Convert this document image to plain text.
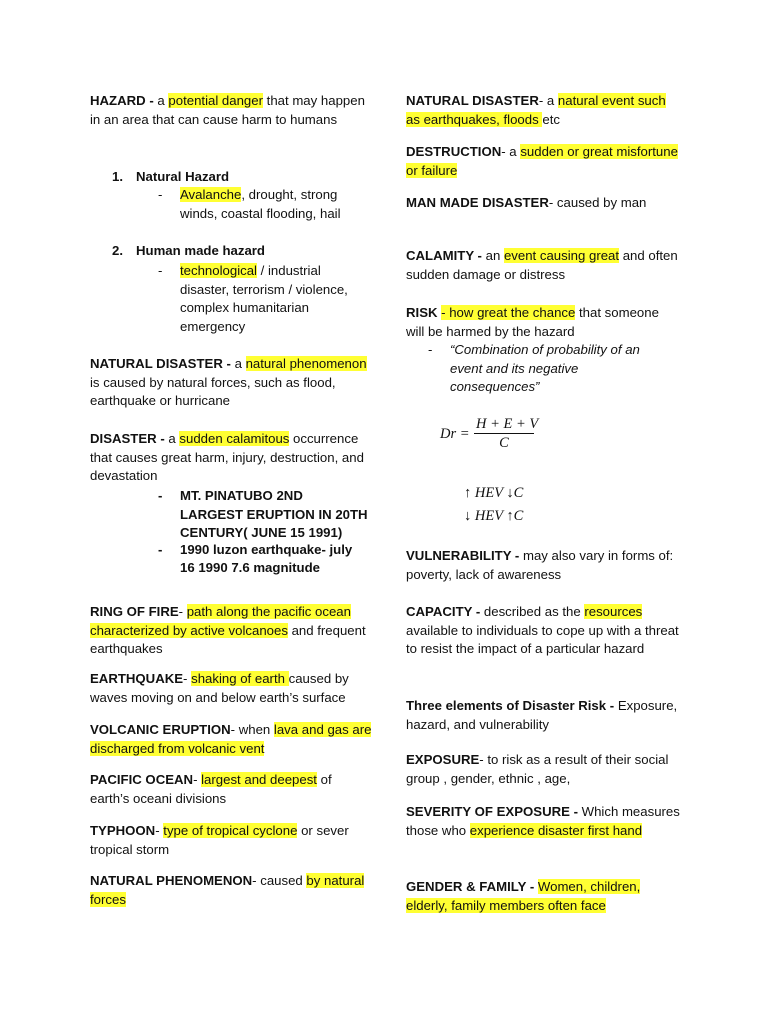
HAZARD - a potential danger that may happen in an area that can cause harm to humans

1. Natural Hazard
- Avalanche, drought, strong winds, coastal flooding, hail
2. Human made hazard
- technological / industrial disaster, terrorism / violence, complex humanitarian emergency

NATURAL DISASTER - a natural phenomenon is caused by natural forces, such as flood, earthquake or hurricane

DISASTER - a sudden calamitous occurrence that causes great harm, injury, destruction, and devastation

- MT. PINATUBO 2ND LARGEST ERUPTION IN 20TH CENTURY( JUNE 15 1991)
- 1990 luzon earthquake- july 16 1990 7.6 magnitude

RING OF FIRE- path along the pacific ocean characterized by active volcanoes and frequent earthquakes

EARTHQUAKE- shaking of earth caused by waves moving on and below earth’s surface

VOLCANIC ERUPTION- when lava and gas are discharged from volcanic vent

PACIFIC OCEAN- largest and deepest of earth’s oceani divisions

TYPHOON- type of tropical cyclone or sever tropical storm

NATURAL PHENOMENON- caused by natural forces

NATURAL DISASTER- a natural event such as earthquakes, floods etc

DESTRUCTION- a sudden or great misfortune or failure

MAN MADE DISASTER- caused by man

CALAMITY - an event causing great and often sudden damage or distress

RISK - how great the chance that someone will be harmed by the hazard

- “Combination of probability of an event and its negative consequences”
Dr =
H + E + V
C
↑ HEV ↓C
↓ HEV ↑C

VULNERABILITY - may also vary in forms of: poverty, lack of awareness

CAPACITY - described as the resources available to individuals to cope up with a threat to resist the impact of a particular hazard

Three elements of Disaster Risk - Exposure, hazard, and vulnerability

EXPOSURE- to risk as a result of their social group , gender, ethnic , age,

SEVERITY OF EXPOSURE - Which measures those who experience disaster first hand

GENDER & FAMILY - Women, children, elderly, family members often face
